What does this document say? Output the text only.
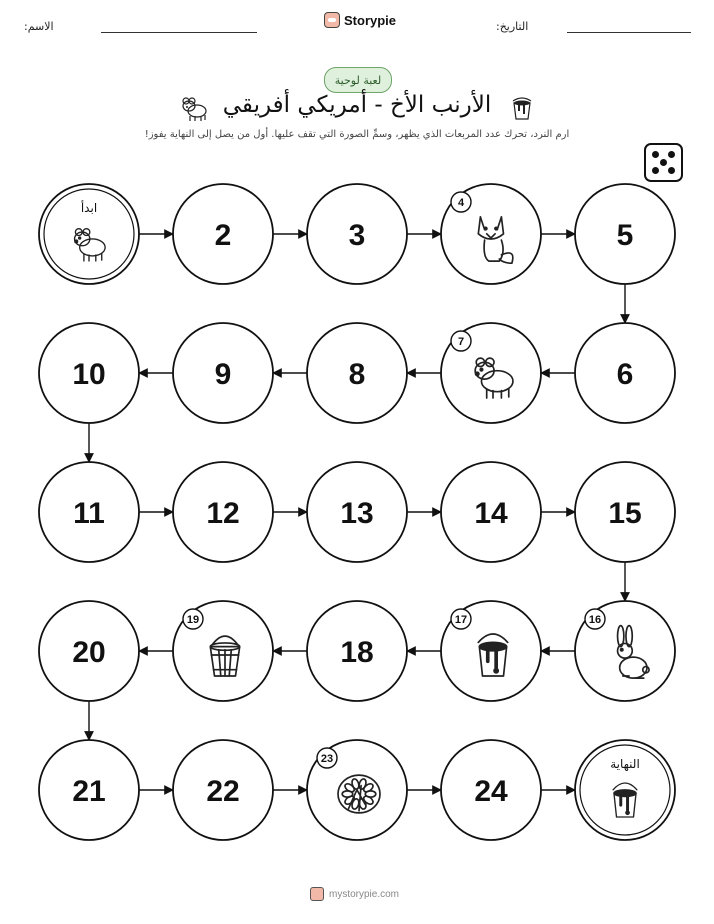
الاسم:	Storypie	التاريخ:
لعبة لوحية
الأرنب الأخ - أمريكي أفريقي
ارم النرد، تحرك عدد المربعات الذي يظهر، وسمِّ الصورة التي تقف عليها. أول من يصل إلى النهاية يفوز!
ابدأ
2	3
4
5
6
7
8
9
10
11	12	13	14	15
16
17
18
19
20
21	22
23
24
النهاية
mystorypie.com
